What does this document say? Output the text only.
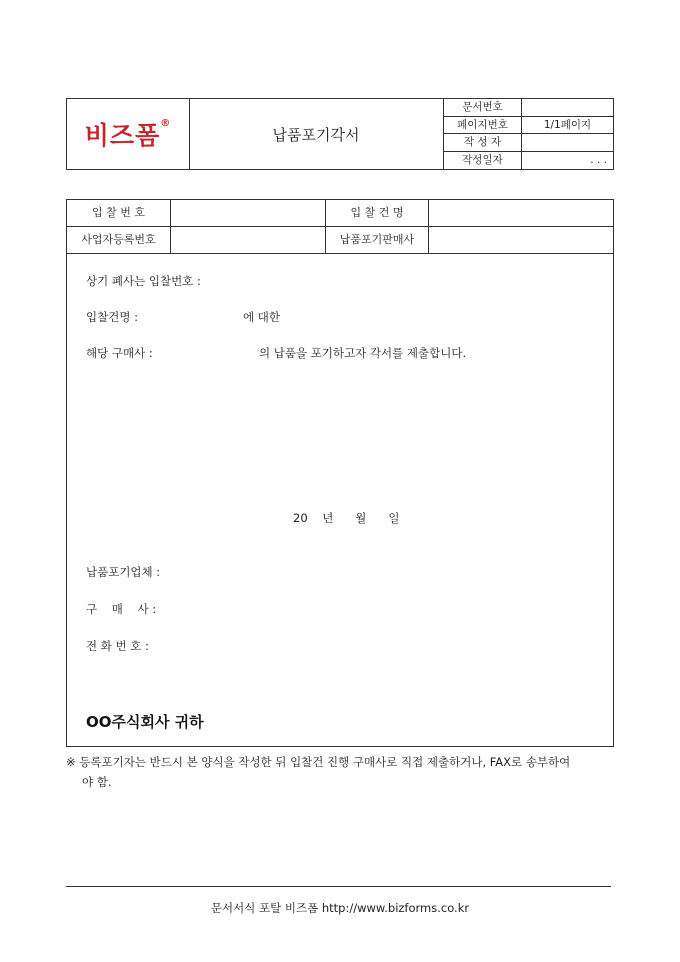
비즈폼®
납품포기각서
문서번호
페이지번호	1/1페이지
작 성 자
작성일자	. . .
입 찰 번 호	입 찰 건 명
사업자등록번호	납품포기판매사
상기 폐사는 입찰번호 :
입찰건명 :	에 대한
해당 구매사 :	의 납품을 포기하고자 각서를 제출합니다.
20    년      월      일
납품포기업체 :
구    매    사 :
전 화 번 호 :
OO주식회사 귀하
※ 등록포기자는 반드시 본 양식을 작성한 뒤 입찰건 진행 구매사로 직접 제출하거나, FAX로 송부하여
야 함.
문서서식 포탈 비즈폼 http://www.bizforms.co.kr
